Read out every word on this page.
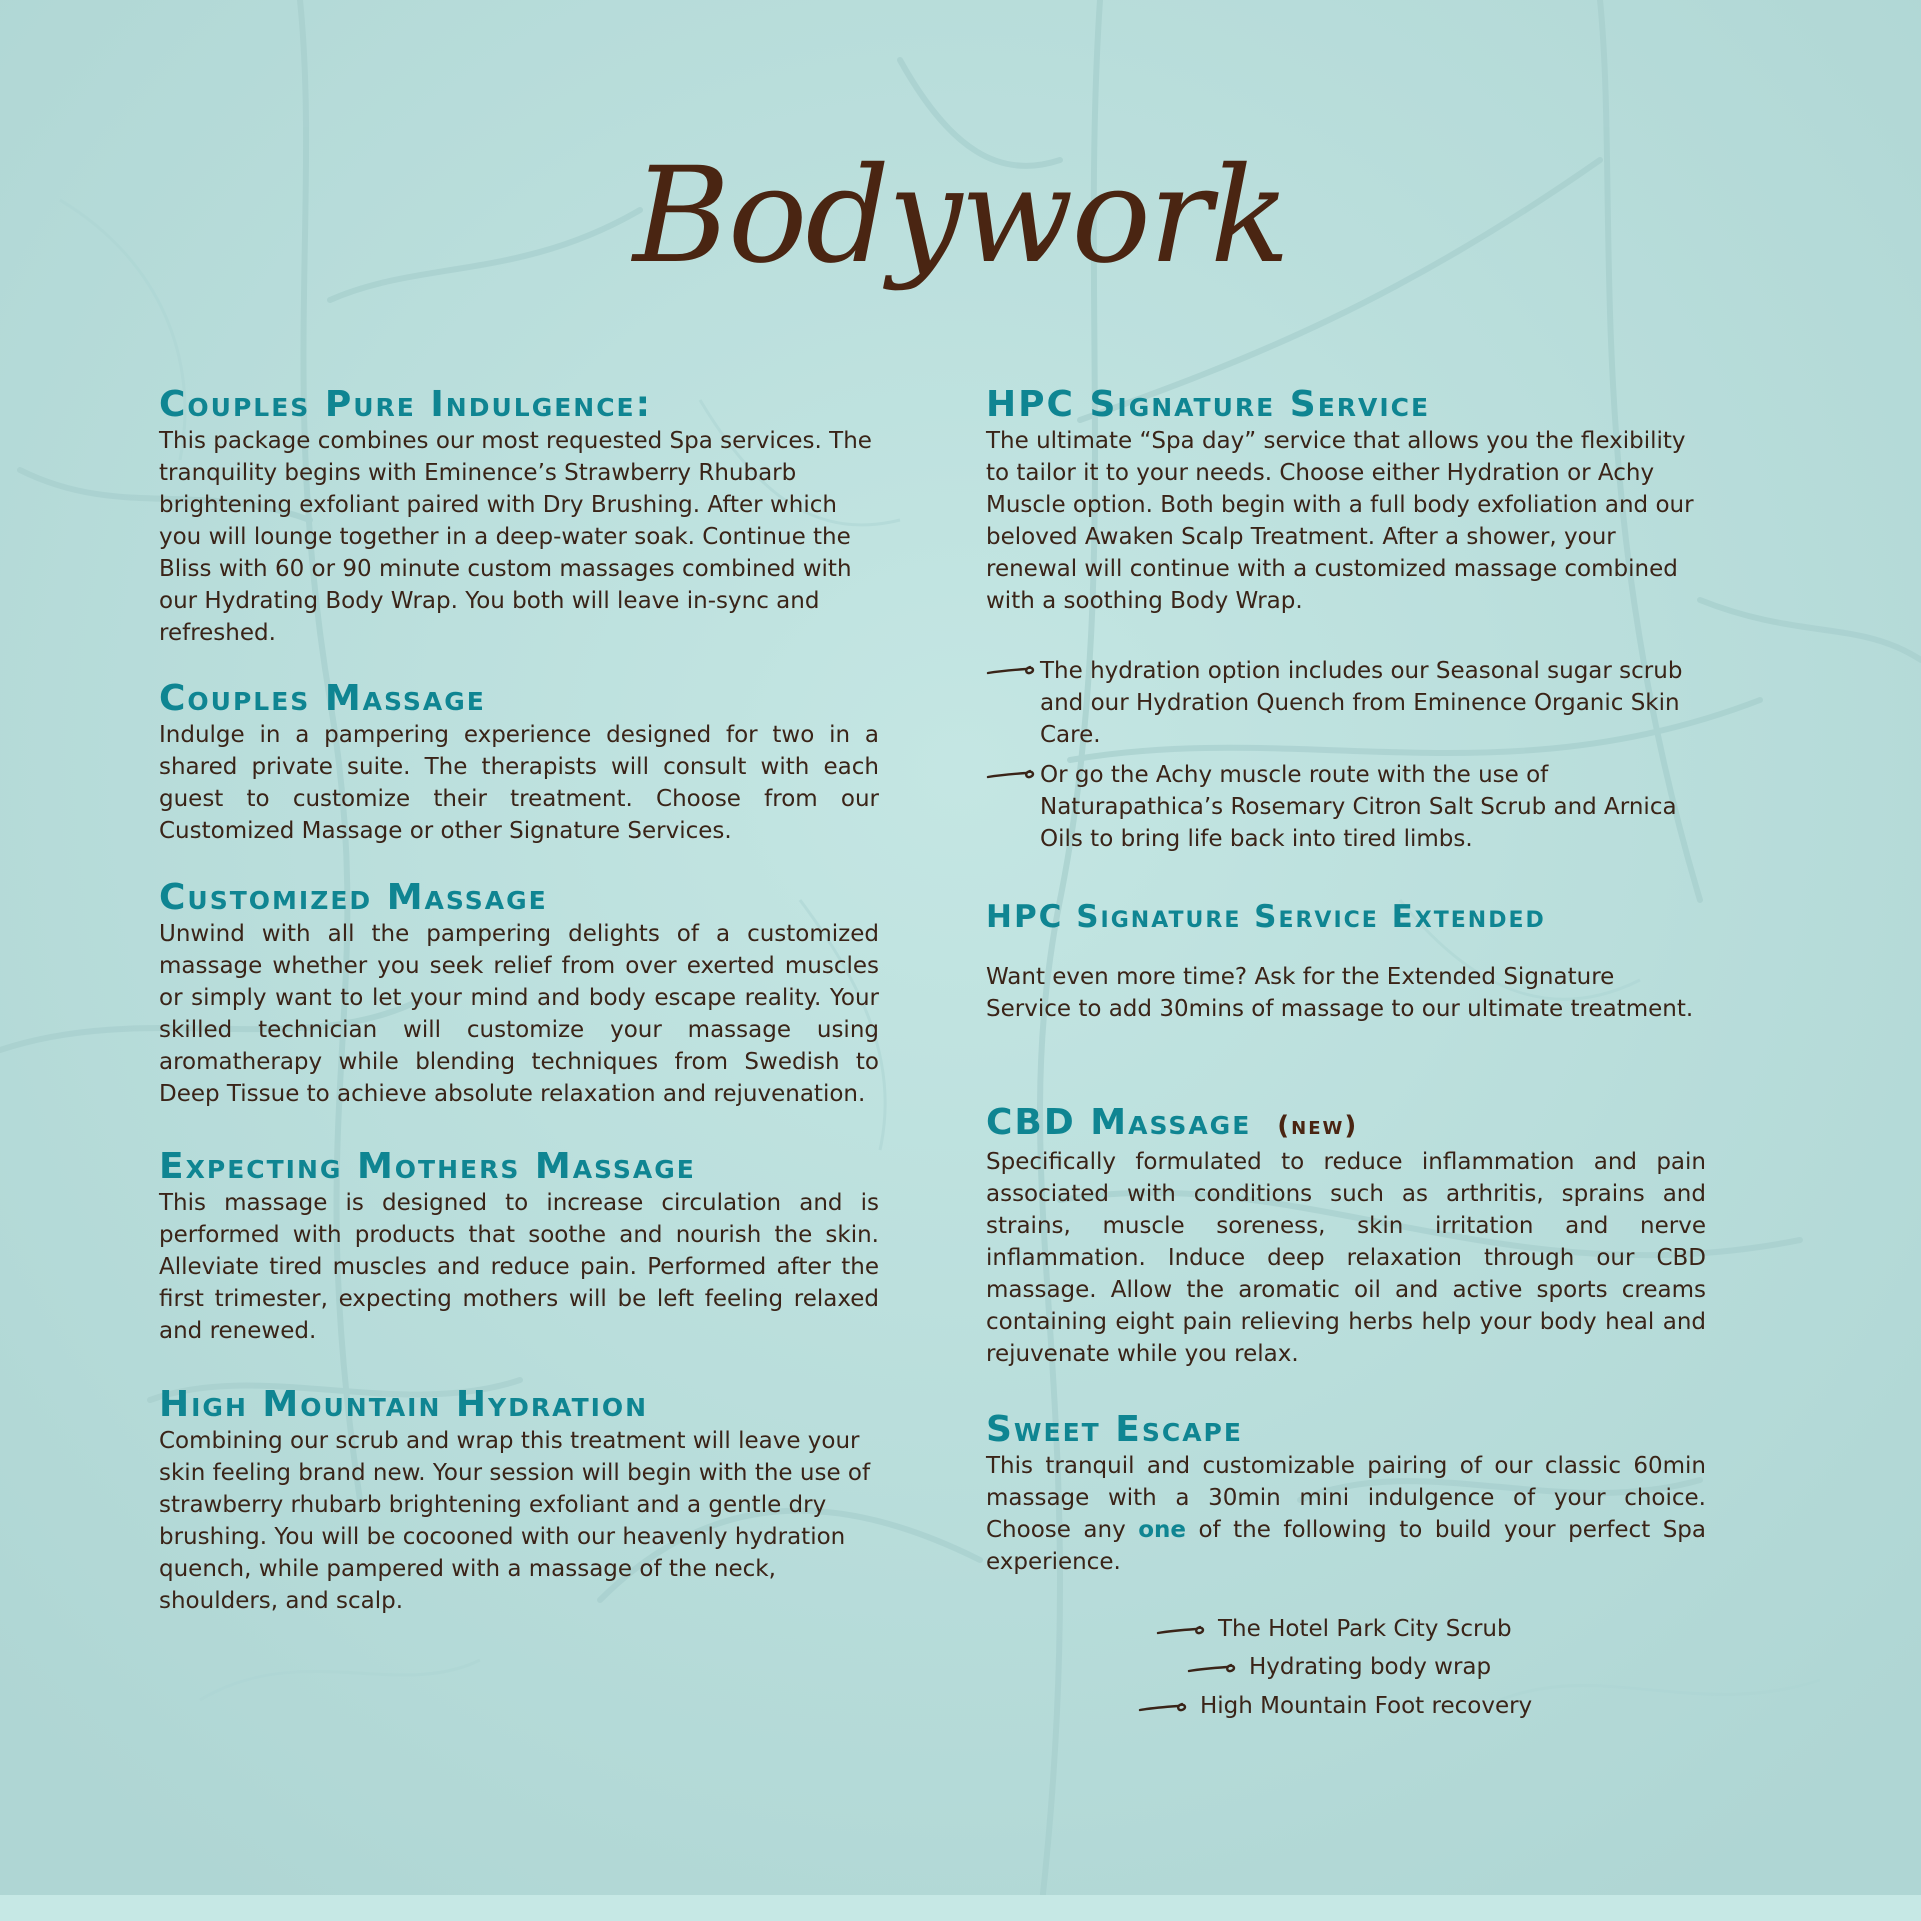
Bodywork
Couples Pure Indulgence:

This package combines our most requested Spa services. The tranquility begins with Eminence’s Strawberry Rhubarb brightening exfoliant paired with Dry Brushing. After which you will lounge together in a deep-water soak. Continue the Bliss with 60 or 90 minute custom massages combined with our Hydrating Body Wrap. You both will leave in-sync and refreshed.

Couples Massage

Indulge in a pampering experience designed for two in a shared private suite. The therapists will consult with each guest to customize their treatment. Choose from our Customized Massage or other Signature Services.

Customized Massage

Unwind with all the pampering delights of a customized massage whether you seek relief from over exerted muscles or simply want to let your mind and body escape reality. Your skilled technician will customize your massage using aromatherapy while blending techniques from Swedish to Deep Tissue to achieve absolute relaxation and rejuvenation.

Expecting Mothers Massage

This massage is designed to increase circulation and is performed with products that soothe and nourish the skin. Alleviate tired muscles and reduce pain. Performed after the first trimester, expecting mothers will be left feeling relaxed and renewed.

High Mountain Hydration

Combining our scrub and wrap this treatment will leave your skin feeling brand new. Your session will begin with the use of strawberry rhubarb brightening exfoliant and a gentle dry brushing. You will be cocooned with our heavenly hydration quench, while pampered with a massage of the neck, shoulders, and scalp.

HPC Signature Service

The ultimate “Spa day” service that allows you the flexibility to tailor it to your needs. Choose either Hydration or Achy Muscle option. Both begin with a full body exfoliation and our beloved Awaken Scalp Treatment. After a shower, your renewal will continue with a customized massage combined with a soothing Body Wrap.

The hydration option includes our Seasonal sugar scrub and our Hydration Quench from Eminence Organic Skin Care.
Or go the Achy muscle route with the use of Naturapathica’s Rosemary Citron Salt Scrub and Arnica Oils to bring life back into tired limbs.
HPC Signature Service Extended

Want even more time? Ask for the Extended Signature Service to add 30mins of massage to our ultimate treatment.

CBD Massage (new)

Specifically formulated to reduce inflammation and pain associated with conditions such as arthritis, sprains and strains, muscle soreness, skin irritation and nerve inflammation. Induce deep relaxation through our CBD massage. Allow the aromatic oil and active sports creams containing eight pain relieving herbs help your body heal and rejuvenate while you relax.

Sweet Escape

This tranquil and customizable pairing of our classic 60min massage with a 30min mini indulgence of your choice. Choose any one of the following to build your perfect Spa experience.

The Hotel Park City Scrub
Hydrating body wrap
High Mountain Foot recovery
